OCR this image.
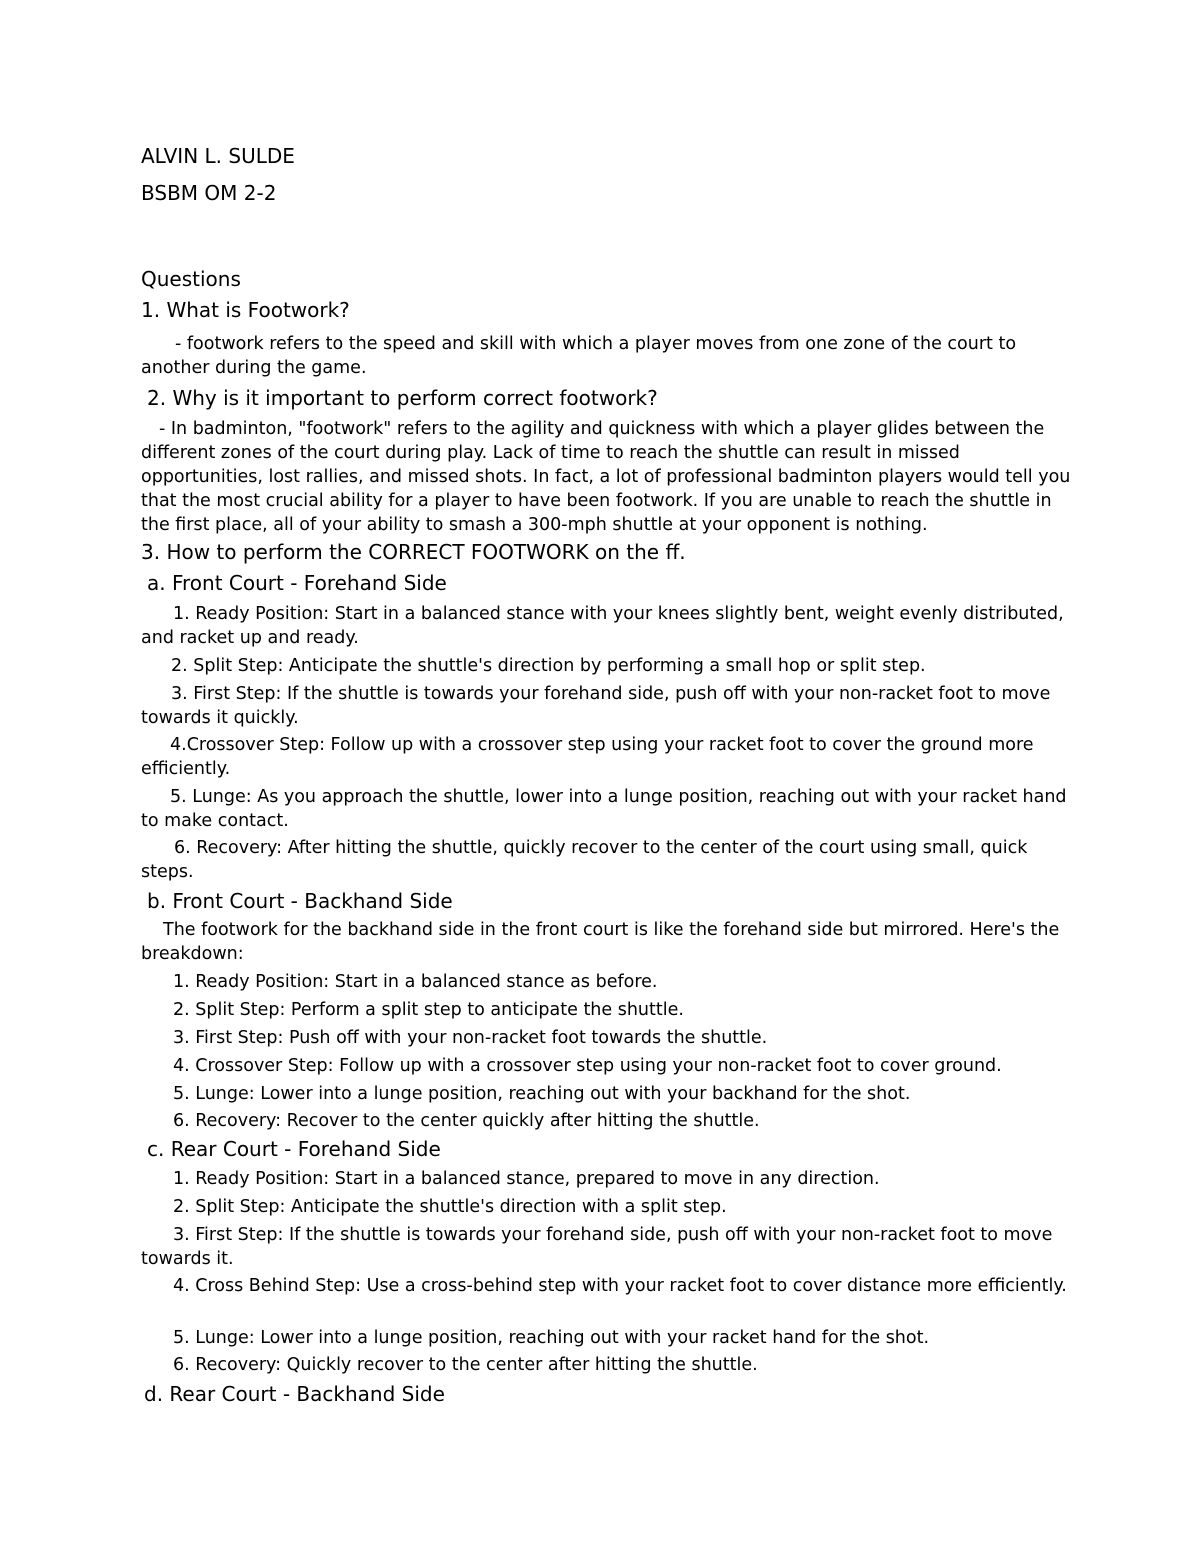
ALVIN L. SULDE
BSBM OM 2-2
Questions
1. What is Footwork?
- footwork refers to the speed and skill with which a player moves from one zone of the court to another during the game.
2. Why is it important to perform correct footwork?
- In badminton, "footwork" refers to the agility and quickness with which a player glides between the different zones of the court during play. Lack of time to reach the shuttle can result in missed opportunities, lost rallies, and missed shots. In fact, a lot of professional badminton players would tell you that the most crucial ability for a player to have been footwork. If you are unable to reach the shuttle in the first place, all of your ability to smash a 300-mph shuttle at your opponent is nothing.
3. How to perform the CORRECT FOOTWORK on the ff.
a. Front Court - Forehand Side
1. Ready Position: Start in a balanced stance with your knees slightly bent, weight evenly distributed, and racket up and ready.
2. Split Step: Anticipate the shuttle's direction by performing a small hop or split step.
3. First Step: If the shuttle is towards your forehand side, push off with your non-racket foot to move towards it quickly.
4.Crossover Step: Follow up with a crossover step using your racket foot to cover the ground more efficiently.
5. Lunge: As you approach the shuttle, lower into a lunge position, reaching out with your racket hand to make contact.
6. Recovery: After hitting the shuttle, quickly recover to the center of the court using small, quick steps.
b. Front Court - Backhand Side
The footwork for the backhand side in the front court is like the forehand side but mirrored. Here's the breakdown:
1. Ready Position: Start in a balanced stance as before.
2. Split Step: Perform a split step to anticipate the shuttle.
3. First Step: Push off with your non-racket foot towards the shuttle.
4. Crossover Step: Follow up with a crossover step using your non-racket foot to cover ground.
5. Lunge: Lower into a lunge position, reaching out with your backhand for the shot.
6. Recovery: Recover to the center quickly after hitting the shuttle.
c. Rear Court - Forehand Side
1. Ready Position: Start in a balanced stance, prepared to move in any direction.
2. Split Step: Anticipate the shuttle's direction with a split step.
3. First Step: If the shuttle is towards your forehand side, push off with your non-racket foot to move towards it.
4. Cross Behind Step: Use a cross-behind step with your racket foot to cover distance more efficiently.
5. Lunge: Lower into a lunge position, reaching out with your racket hand for the shot.
6. Recovery: Quickly recover to the center after hitting the shuttle.
d. Rear Court - Backhand Side
